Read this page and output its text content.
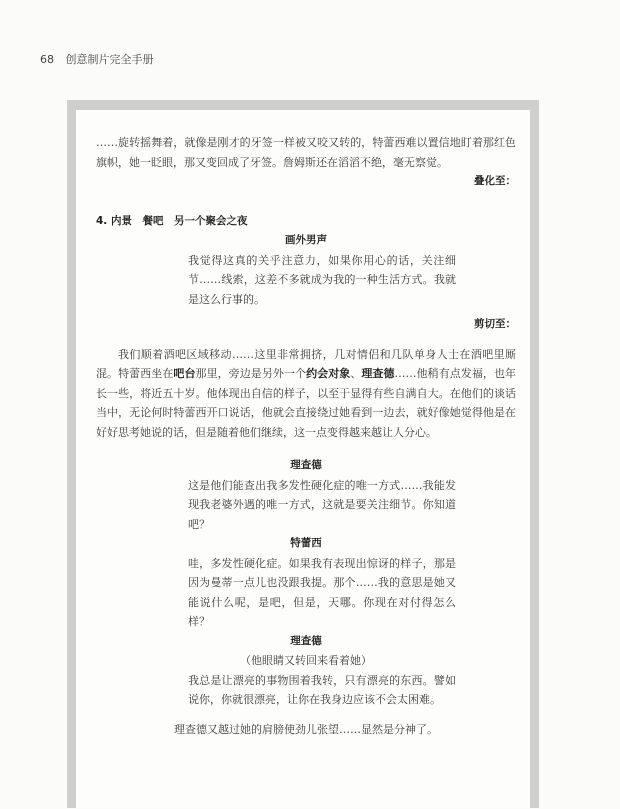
68 创意制片完全手册

……旋转摇舞着，就像是刚才的牙签一样被又咬又转的，特蕾西难以置信地盯着那红色旗帜，她一眨眼，那又变回成了牙签。詹姆斯还在滔滔不绝，毫无察觉。

叠化至：

4. 内景　餐吧　另一个聚会之夜

画外男声

我觉得这真的关乎注意力，如果你用心的话，关注细节……线索，这差不多就成为我的一种生活方式。我就是这么行事的。

剪切至：

我们顺着酒吧区域移动……这里非常拥挤，几对情侣和几队单身人士在酒吧里厮混。特蕾西坐在吧台那里，旁边是另外一个约会对象、理查德……他稍有点发福，也年长一些，将近五十岁。他体现出自信的样子，以至于显得有些自满自大。在他们的谈话当中，无论何时特蕾西开口说话，他就会直接绕过她看到一边去，就好像她觉得他是在好好思考她说的话，但是随着他们继续，这一点变得越来越让人分心。

理查德

这是他们能查出我多发性硬化症的唯一方式……我能发现我老婆外遇的唯一方式，这就是要关注细节。你知道吧？

特蕾西

哇，多发性硬化症。如果我有表现出惊讶的样子，那是因为曼蒂一点儿也没跟我提。那个……我的意思是她又能说什么呢，是吧，但是，天哪。你现在对付得怎么样？

理查德

（他眼睛又转回来看着她）

我总是让漂亮的事物围着我转，只有漂亮的东西。譬如说你，你就很漂亮，让你在我身边应该不会太困难。

理查德又越过她的肩膀使劲儿张望……显然是分神了。
